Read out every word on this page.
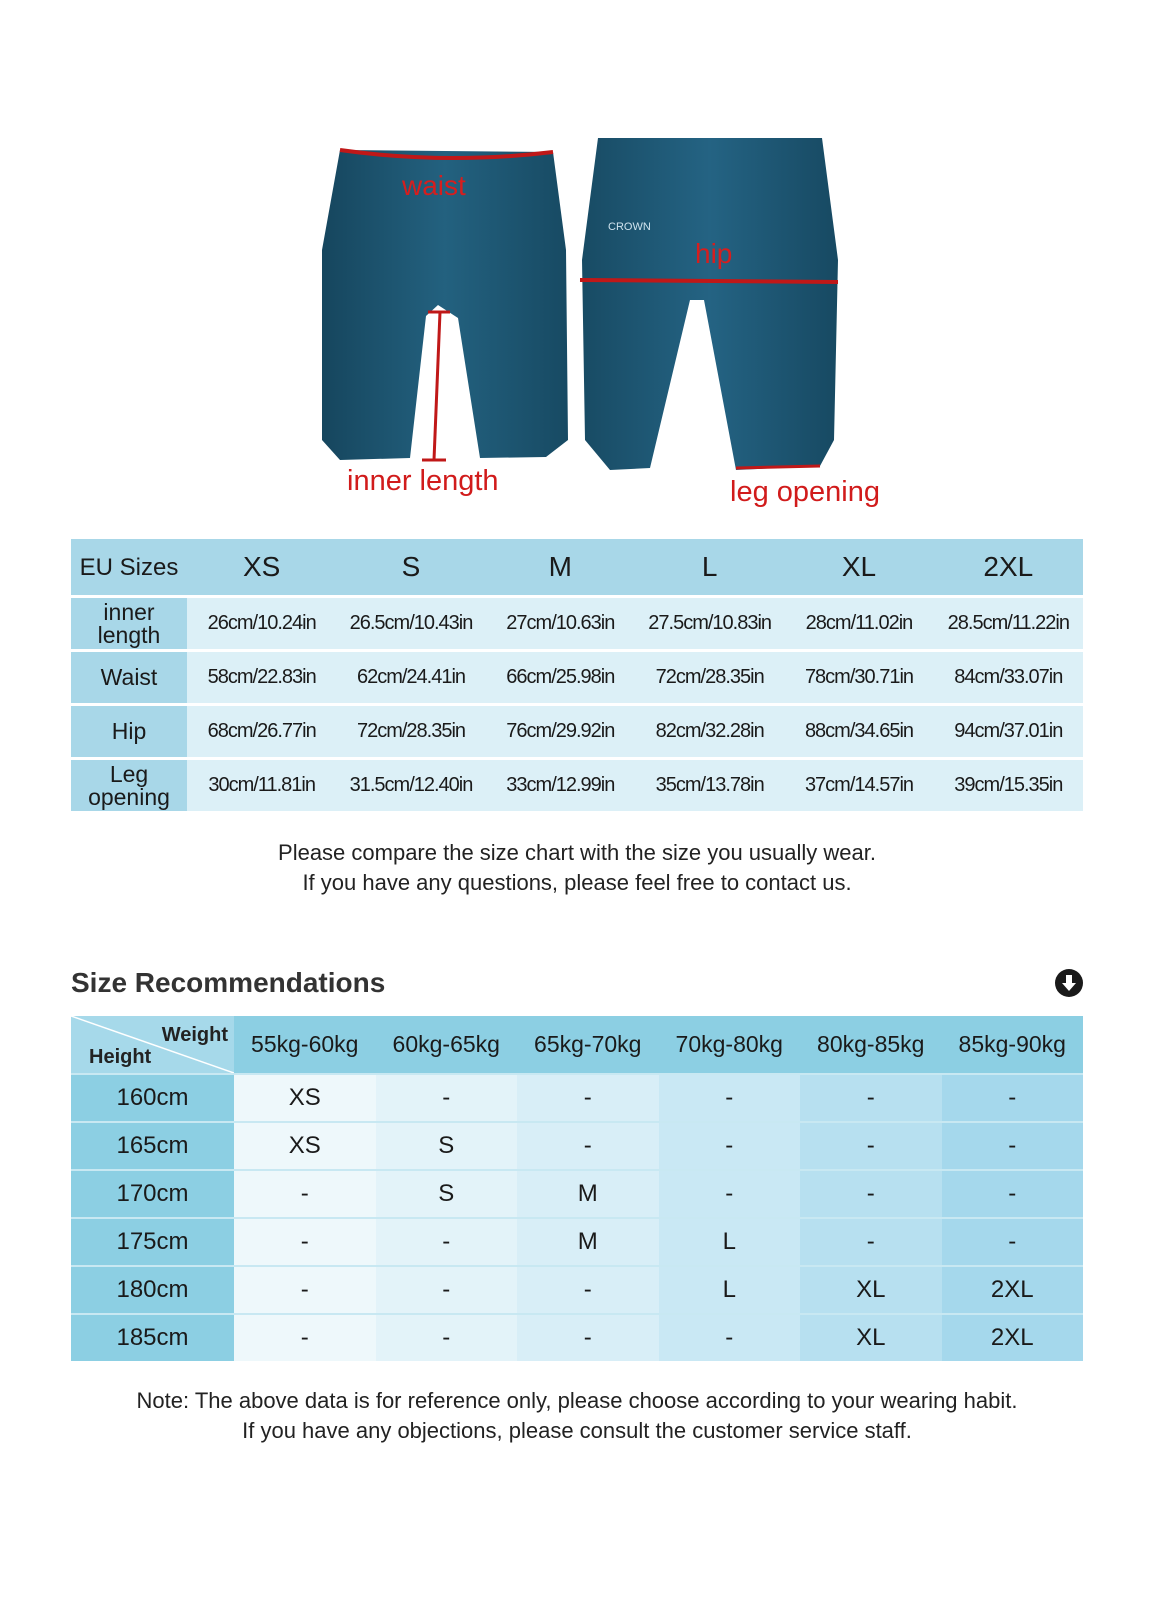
CROWN
waist
hip
inner length	leg opening
EU Sizes	XS	S	M	L	XL	2XL
inner length	26cm/10.24in	26.5cm/10.43in	27cm/10.63in	27.5cm/10.83in	28cm/11.02in	28.5cm/11.22in
Waist	58cm/22.83in	62cm/24.41in	66cm/25.98in	72cm/28.35in	78cm/30.71in	84cm/33.07in
Hip	68cm/26.77in	72cm/28.35in	76cm/29.92in	82cm/32.28in	88cm/34.65in	94cm/37.01in
Leg opening	30cm/11.81in	31.5cm/12.40in	33cm/12.99in	35cm/13.78in	37cm/14.57in	39cm/15.35in
Please compare the size chart with the size you usually wear.
If you have any questions, please feel free to contact us.
Size Recommendations
Weight
Height	55kg-60kg	60kg-65kg	65kg-70kg	70kg-80kg	80kg-85kg	85kg-90kg
160cm	XS	-	-	-	-	-
165cm	XS	S	-	-	-	-
170cm	-	S	M	-	-	-
175cm	-	-	M	L	-	-
180cm	-	-	-	L	XL	2XL
185cm	-	-	-	-	XL	2XL
Note: The above data is for reference only, please choose according to your wearing habit.
If you have any objections, please consult the customer service staff.
